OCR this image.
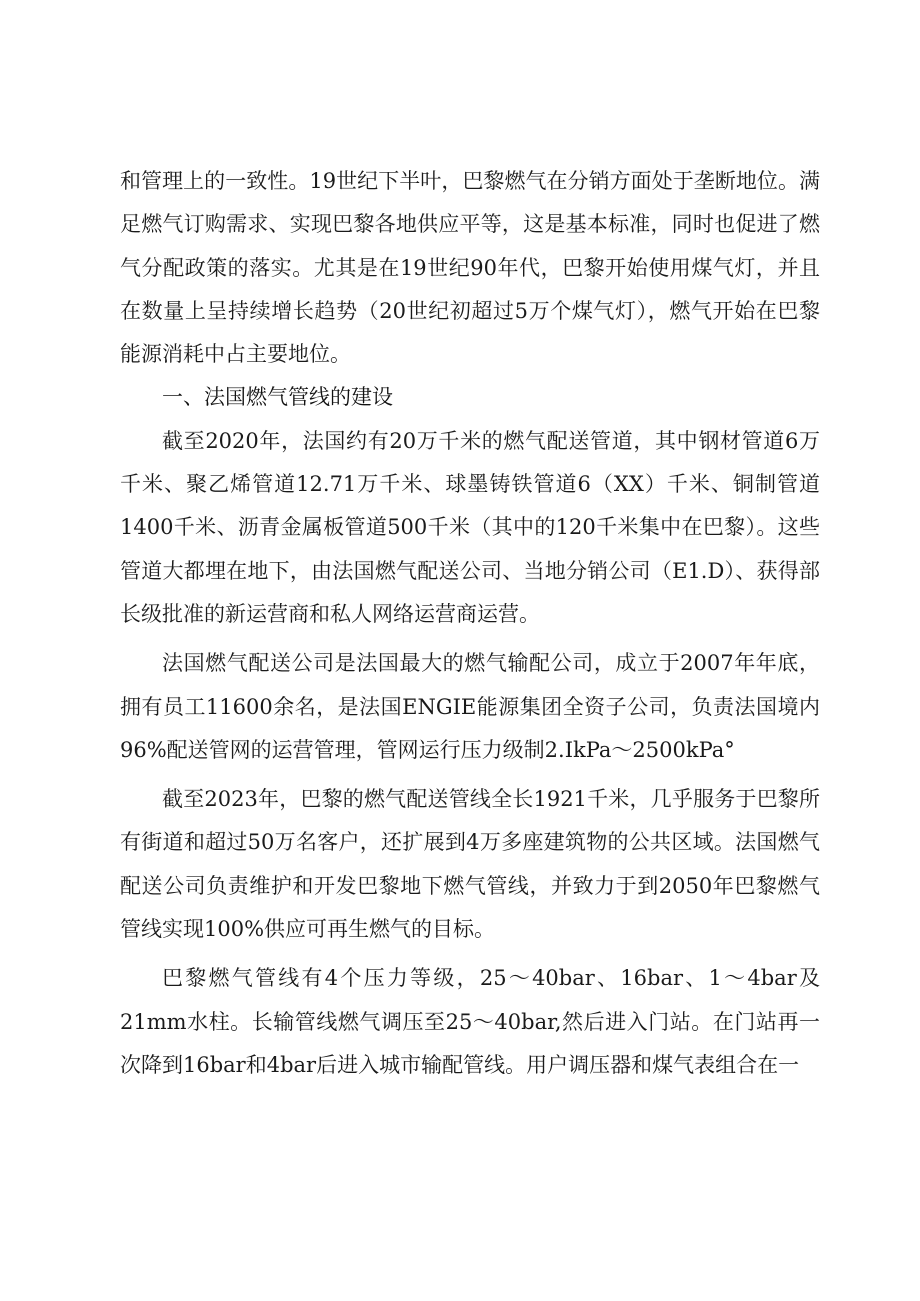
和管理上的一致性。19世纪下半叶，巴黎燃气在分销方面处于垄断地位。满足燃气订购需求、实现巴黎各地供应平等，这是基本标准，同时也促进了燃气分配政策的落实。尤其是在19世纪90年代，巴黎开始使用煤气灯，并且在数量上呈持续增长趋势（20世纪初超过5万个煤气灯），燃气开始在巴黎能源消耗中占主要地位。

一、法国燃气管线的建设

截至2020年，法国约有20万千米的燃气配送管道，其中钢材管道6万千米、聚乙烯管道12.71万千米、球墨铸铁管道6（XX）千米、铜制管道1400千米、沥青金属板管道500千米（其中的120千米集中在巴黎）。这些管道大都埋在地下，由法国燃气配送公司、当地分销公司（E1.D）、获得部长级批准的新运营商和私人网络运营商运营。

法国燃气配送公司是法国最大的燃气输配公司，成立于2007年年底，拥有员工11600余名，是法国ENGIE能源集团全资子公司，负责法国境内96%配送管网的运营管理，管网运行压力级制2.IkPa～2500kPa°

截至2023年，巴黎的燃气配送管线全长1921千米，几乎服务于巴黎所有街道和超过50万名客户，还扩展到4万多座建筑物的公共区域。法国燃气配送公司负责维护和开发巴黎地下燃气管线，并致力于到2050年巴黎燃气管线实现100%供应可再生燃气的目标。

巴黎燃气管线有4个压力等级，25～40bar、16bar、1～4bar及21mm水柱。长输管线燃气调压至25～40bar,然后进入门站。在门站再一次降到16bar和4bar后进入城市输配管线。用户调压器和煤气表组合在一
